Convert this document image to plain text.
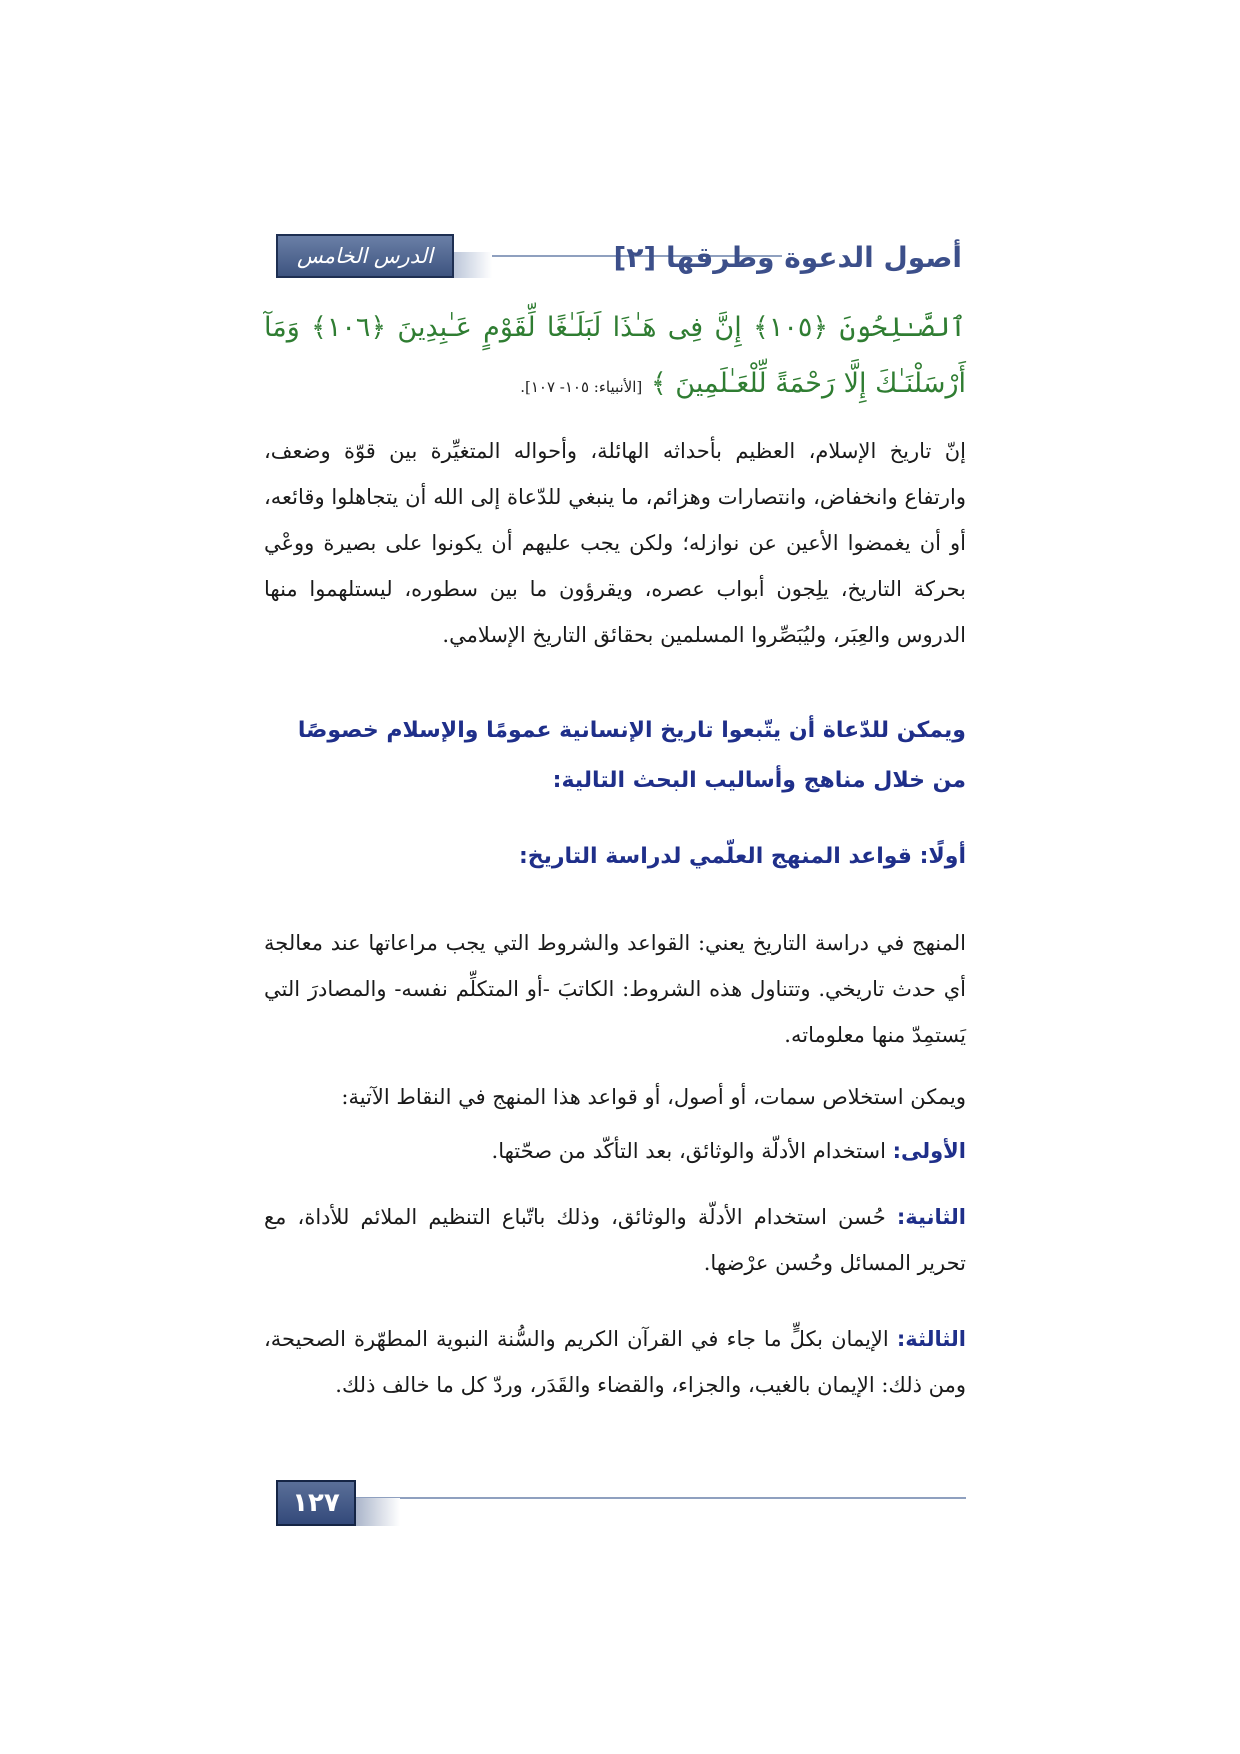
الدرس الخامس	أصول الدعوة وطرقها [٢]
ٱلصَّـٰلِحُونَ ﴿١٠٥﴾ إِنَّ فِى هَـٰذَا لَبَلَـٰغًا لِّقَوْمٍ عَـٰبِدِينَ ﴿١٠٦﴾ وَمَآ أَرْسَلْنَـٰكَ إِلَّا رَحْمَةً لِّلْعَـٰلَمِينَ ﴾ [الأنبياء: ١٠٥- ١٠٧].
إنّ تاريخ الإسلام، العظيم بأحداثه الهائلة، وأحواله المتغيِّرة بين قوّة وضعف، وارتفاع وانخفاض، وانتصارات وهزائم، ما ينبغي للدّعاة إلى الله أن يتجاهلوا وقائعه، أو أن يغمضوا الأعين عن نوازله؛ ولكن يجب عليهم أن يكونوا على بصيرة ووعْي بحركة التاريخ، يلِجون أبواب عصره، ويقرؤون ما بين سطوره، ليستلهموا منها الدروس والعِبَر، وليُبَصِّروا المسلمين بحقائق التاريخ الإسلامي.
ويمكن للدّعاة أن يتّبعوا تاريخ الإنسانية عمومًا والإسلام خصوصًا من خلال مناهج وأساليب البحث التالية:
أولًا: قواعد المنهج العلّمي لدراسة التاريخ:
المنهج في دراسة التاريخ يعني: القواعد والشروط التي يجب مراعاتها عند معالجة أي حدث تاريخي. وتتناول هذه الشروط: الكاتبَ -أو المتكلِّم نفسه- والمصادرَ التي يَستمِدّ منها معلوماته.
ويمكن استخلاص سمات، أو أصول، أو قواعد هذا المنهج في النقاط الآتية:
الأولى: استخدام الأدلّة والوثائق، بعد التأكّد من صحّتها.
الثانية: حُسن استخدام الأدلّة والوثائق، وذلك باتّباع التنظيم الملائم للأداة، مع تحرير المسائل وحُسن عرْضها.
الثالثة: الإيمان بكلٍّ ما جاء في القرآن الكريم والسُّنة النبوية المطهّرة الصحيحة، ومن ذلك: الإيمان بالغيب، والجزاء، والقضاء والقَدَر، وردّ كل ما خالف ذلك.
١٢٧
